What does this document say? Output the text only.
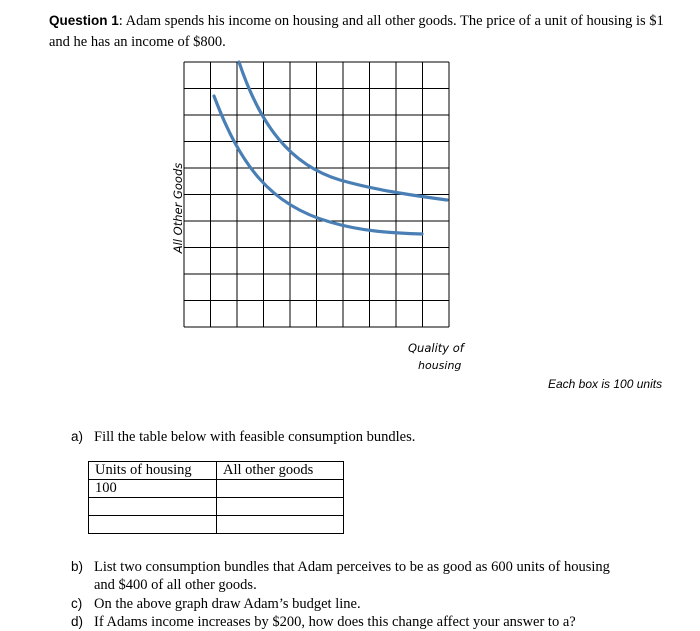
Question 1: Adam spends his income on housing and all other goods. The price of a unit of housing is $1
and he has an income of $800.
All Other Goods
Quality of
housing
Each box is 100 units
a) Fill the table below with feasible consumption bundles.
Units of housing	All other goods
100	

b) List two consumption bundles that Adam perceives to be as good as 600 units of housing
and $400 of all other goods.
c) On the above graph draw Adam’s budget line.
d) If Adams income increases by $200, how does this change affect your answer to a?
